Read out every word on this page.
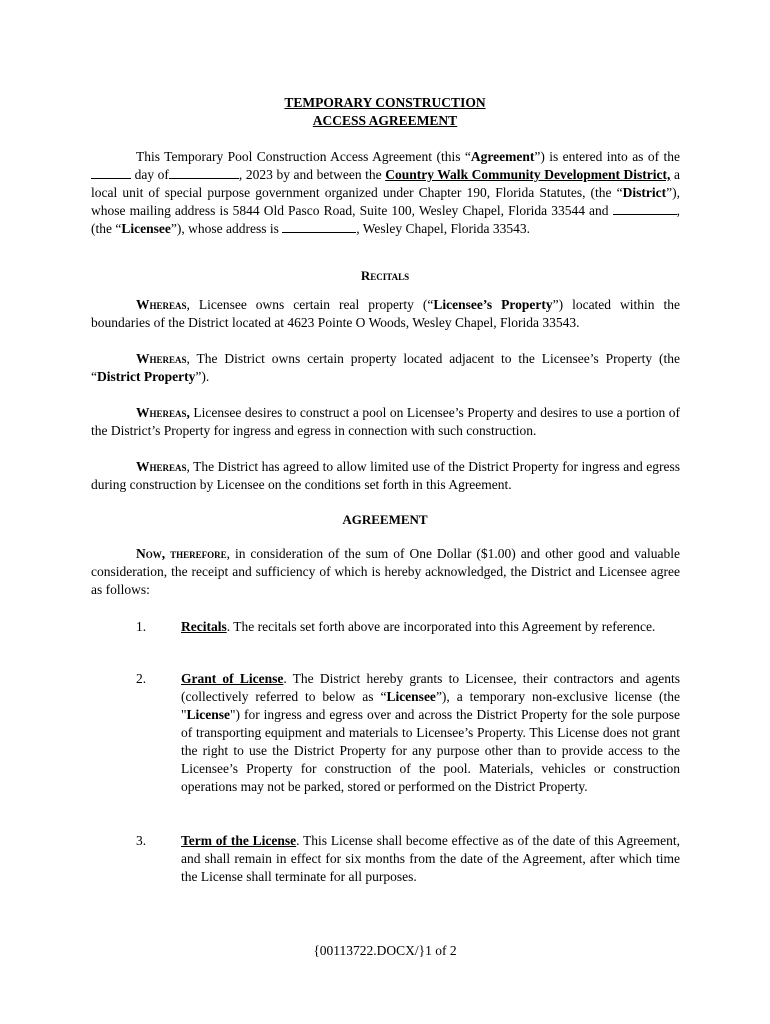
TEMPORARY CONSTRUCTION
ACCESS AGREEMENT
This Temporary Pool Construction Access Agreement (this “Agreement”) is entered into as of the  day of	, 2023 by and between the Country Walk Community Development District, a local unit of special purpose government organized under Chapter 190, Florida Statutes, (the “District”), whose mailing address is 5844 Old Pasco Road, Suite 100, Wesley Chapel, Florida 33544 and	,(the “Licensee”), whose address is	, Wesley Chapel, Florida 33543.
Recitals
Whereas, Licensee owns certain real property (“Licensee’s Property”) located within the boundaries of the District located at 4623 Pointe O Woods, Wesley Chapel, Florida 33543.
Whereas, The District owns certain property located adjacent to the Licensee’s Property (the “District Property”).
Whereas, Licensee desires to construct a pool on Licensee’s Property and desires to use a portion of the District’s Property for ingress and egress in connection with such construction.
Whereas, The District has agreed to allow limited use of the District Property for ingress and egress during construction by Licensee on the conditions set forth in this Agreement.
AGREEMENT
Now, therefore, in consideration of the sum of One Dollar ($1.00) and other good and valuable consideration, the receipt and sufficiency of which is hereby acknowledged, the District and Licensee agree as follows:
1.	Recitals. The recitals set forth above are incorporated into this Agreement by reference.
2.	Grant of License. The District hereby grants to Licensee, their contractors and agents (collectively referred to below as “Licensee”), a temporary non-exclusive license (the "License") for ingress and egress over and across the District Property for the sole purpose of transporting equipment and materials to Licensee’s Property. This License does not grant the right to use the District Property for any purpose other than to provide access to the Licensee’s Property for construction of the pool. Materials, vehicles or construction operations may not be parked, stored or performed on the District Property.
3.	Term of the License. This License shall become effective as of the date of this Agreement, and shall remain in effect for six months from the date of the Agreement, after which time the License shall terminate for all purposes.
{00113722.DOCX/}1 of 2
